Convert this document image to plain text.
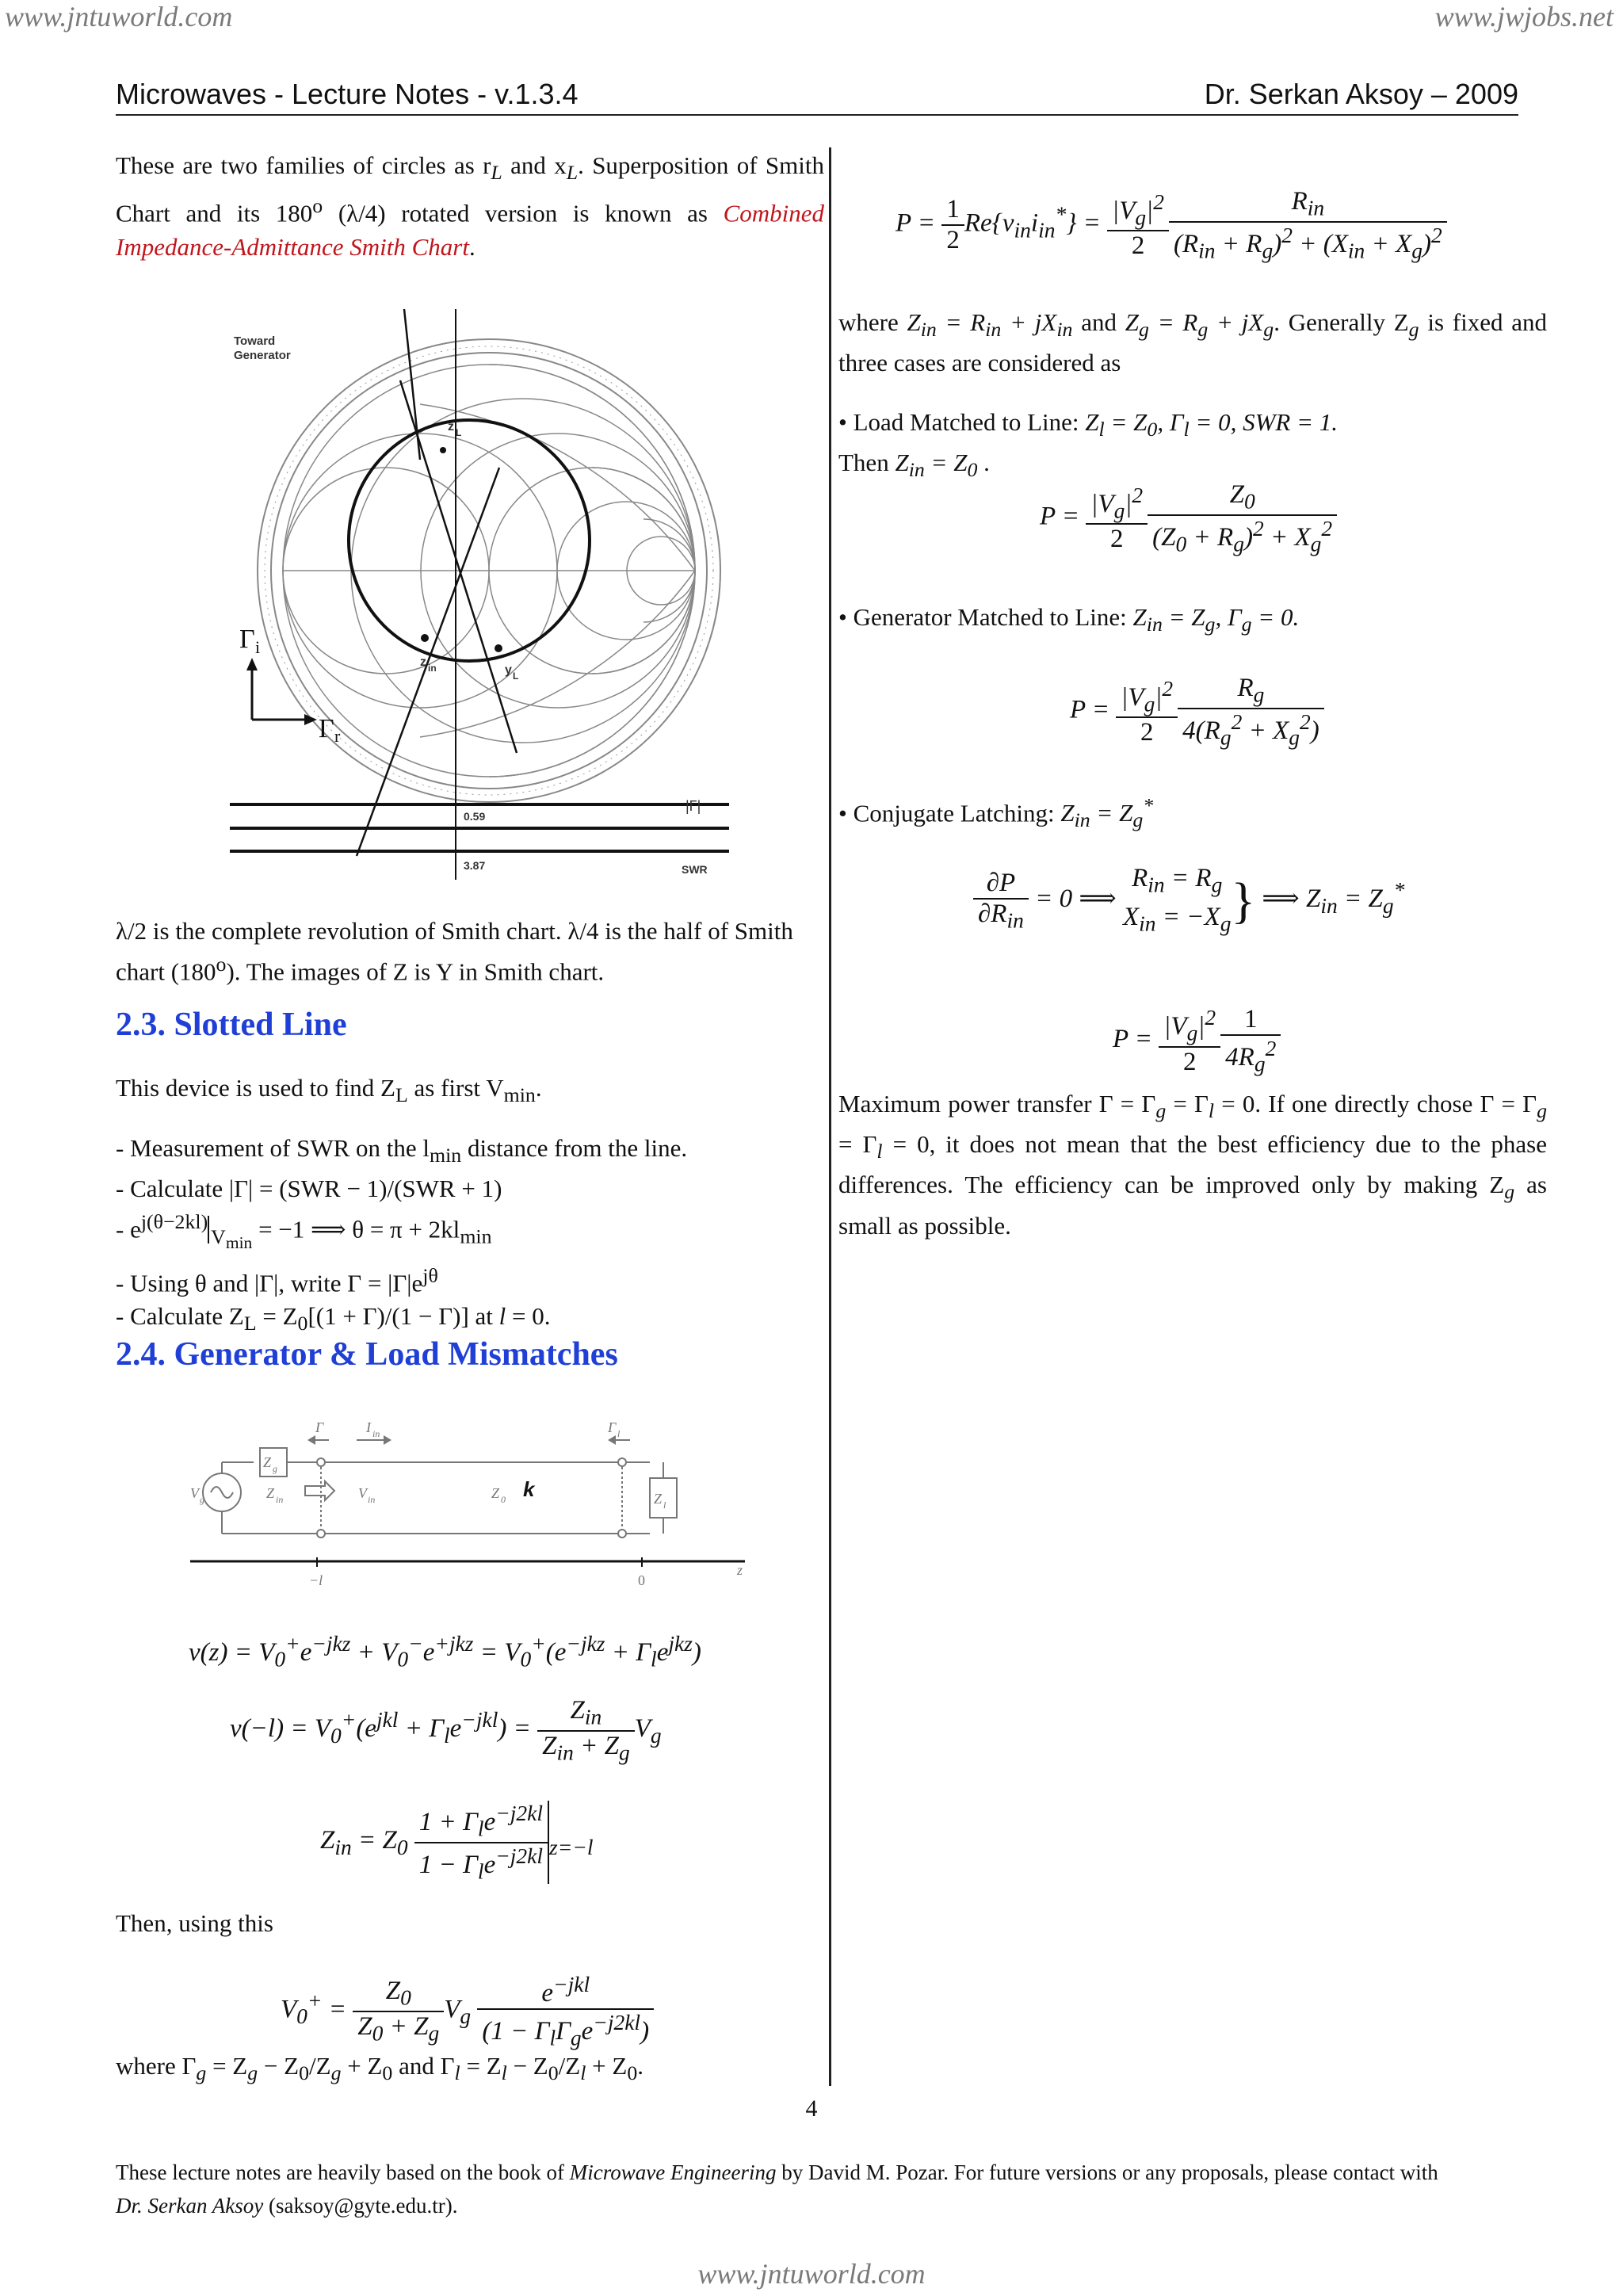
www.jntuworld.com	www.jwjobs.net
www.jntuworld.com
Microwaves - Lecture Notes - v.1.3.4	Dr. Serkan Aksoy – 2009

These are two families of circles as $r_L$ and $x_L$. Superposition of Smith Chart and its 180$^o$ (λ/4) rotated version is known as Combined Impedance-Admittance Smith Chart.

Toward
Generator
z L
z in	y L
0.59
3.87
|Γ|
SWR
Γ i
Γ r

λ/2 is the complete revolution of Smith chart. λ/4 is the half of Smith chart (180$^o$). The images of Z is Y in Smith chart.

2.3. Slotted Line

This device is used to find $Z_L$ as first $V_{min}$.

- Measurement of SWR on the $l_{min}$ distance from the line.

- Calculate |Γ| = (SWR − 1)/(SWR + 1)

- $e^{j(\theta-2kl)}_{V_{min}} = -1$ ⟹ $\theta = \pi + 2kl_{min}$

- Using θ and |Γ|, write $\Gamma = |\Gamma|e^{j\theta}$

- Calculate $Z_L = Z_0[(1 + \Gamma)/(1 - \Gamma)]$ at l = 0.

2.4. Generator & Load Mismatches
Z g
V g	Z in	V in
I in
Γ	Γ l
Z 0	Z l
−l	0
z
k
$v(z) = V_0^+e^{-jkz} + V_0^-e^{+jkz} = V_0^+(e^{-jkz} + \Gamma_le^{jkz})$
$v(-l) = V_0^+(e^{jkl} + \Gamma_le^{-jkl}) = \frac{Z_{in}}{Z_{in} + Z_g} V_g$
$Z_{in} = Z_0 \frac{1 + \Gamma_le^{-j2kl}}{1 - \Gamma_le^{-j2kl}} _{z=-l}$
Then, using this
$V_0^+ = \frac{Z_0}{Z_0 + Z_g} V_g \frac{e^{-jkl}}{(1 - \Gamma_l\Gamma_ge^{-j2kl})}$
where $\Gamma_g = Z_g - Z_0/Z_g + Z_0$ and $\Gamma_l = Z_l - Z_0/Z_l + Z_0$.
$P = \frac{1}{2} Re\{v_{in}i_{in}^*\} = \frac{|V_g|^2}{2} \frac{R_{in}}{(R_{in} + R_g)^2 + (X_{in} + X_g)^2}$

where $Z_{in} = R_{in} + jX_{in}$ and $Z_g = R_g + jX_g$. Generally $Z_g$ is fixed and three cases are considered as

• Load Matched to Line: $Z_l = Z_0$, $\Gamma_l = 0$, SWR = 1.

Then $Z_{in} = Z_0$ .

$P = \frac{|V_g|^2}{2} \frac{Z_0}{(Z_0 + R_g)^2 + X_g^2}$

• Generator Matched to Line: $Z_{in} = Z_g$, $\Gamma_g = 0$.

$P = \frac{|V_g|^2}{2} \frac{R_g}{4(R_g^2 + X_g^2)}$

• Conjugate Latching: $Z_{in} = Z_g^*$

$\frac{\partial P}{\partial R_{in}} = 0$ ⟹ $R_{in} = R_g$
$X_{in} = -X_g$} ⟹ $Z_{in} = Z_g^*$
$P = \frac{|V_g|^2}{2} \frac{1}{4R_g^2}$

Maximum power transfer $\Gamma = \Gamma_g = \Gamma_l = 0$. If one directly chose $\Gamma = \Gamma_g = \Gamma_l = 0$, it does not mean that the best efficiency due to the phase differences. The efficiency can be improved only by making $Z_g$ as small as possible.

4

These lecture notes are heavily based on the book of Microwave Engineering by David M. Pozar. For future versions or any proposals, please contact with

Dr. Serkan Aksoy (saksoy@gyte.edu.tr).
